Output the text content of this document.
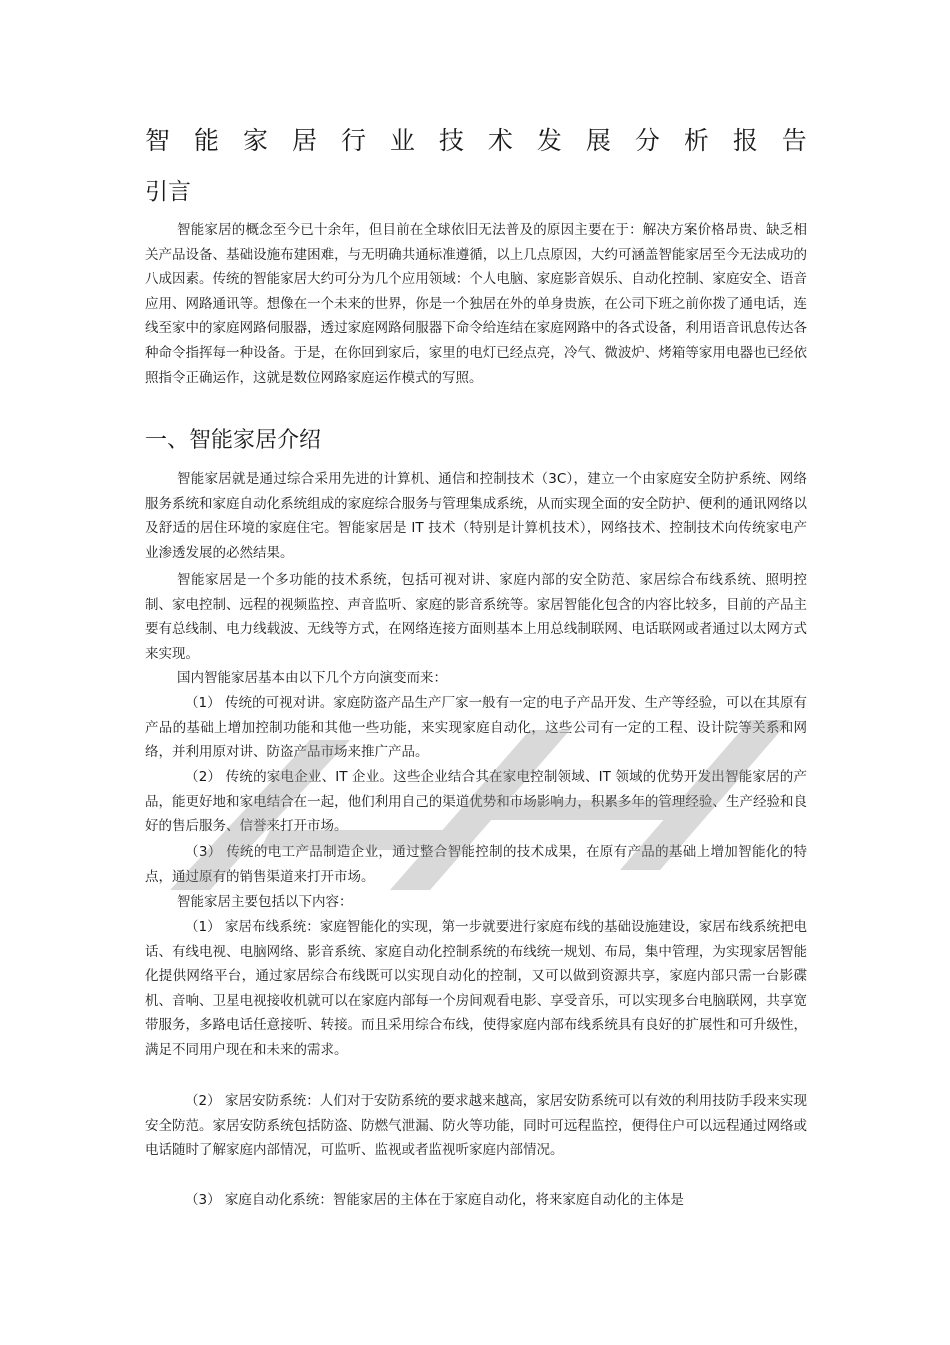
智 能 家 居 行 业 技 术 发 展 分 析 报 告
引言
智能家居的概念至今已十余年，但目前在全球依旧无法普及的原因主要在于：解决方案价格昂贵、缺乏相关产品设备、基础设施布建困难，与无明确共通标准遵循，以上几点原因，大约可涵盖智能家居至今无法成功的八成因素。传统的智能家居大约可分为几个应用领域：个人电脑、家庭影音娱乐、自动化控制、家庭安全、语音应用、网路通讯等。想像在一个未来的世界，你是一个独居在外的单身贵族，在公司下班之前你拨了通电话，连线至家中的家庭网路伺服器，透过家庭网路伺服器下命令给连结在家庭网路中的各式设备，利用语音讯息传达各种命令指挥每一种设备。于是，在你回到家后，家里的电灯已经点亮，冷气、微波炉、烤箱等家用电器也已经依照指令正确运作，这就是数位网路家庭运作模式的写照。
一、智能家居介绍
智能家居就是通过综合采用先进的计算机、通信和控制技术（3C），建立一个由家庭安全防护系统、网络服务系统和家庭自动化系统组成的家庭综合服务与管理集成系统，从而实现全面的安全防护、便利的通讯网络以及舒适的居住环境的家庭住宅。智能家居是 IT 技术（特别是计算机技术），网络技术、控制技术向传统家电产业渗透发展的必然结果。
智能家居是一个多功能的技术系统，包括可视对讲、家庭内部的安全防范、家居综合布线系统、照明控制、家电控制、远程的视频监控、声音监听、家庭的影音系统等。家居智能化包含的内容比较多，目前的产品主要有总线制、电力线载波、无线等方式，在网络连接方面则基本上用总线制联网、电话联网或者通过以太网方式来实现。
国内智能家居基本由以下几个方向演变而来：
（1） 传统的可视对讲。家庭防盗产品生产厂家一般有一定的电子产品开发、生产等经验，可以在其原有产品的基础上增加控制功能和其他一些功能，来实现家庭自动化，这些公司有一定的工程、设计院等关系和网络，并利用原对讲、防盗产品市场来推广产品。
（2） 传统的家电企业、IT 企业。这些企业结合其在家电控制领域、IT 领域的优势开发出智能家居的产品，能更好地和家电结合在一起，他们利用自己的渠道优势和市场影响力，积累多年的管理经验、生产经验和良好的售后服务、信誉来打开市场。
（3） 传统的电工产品制造企业，通过整合智能控制的技术成果，在原有产品的基础上增加智能化的特点，通过原有的销售渠道来打开市场。
智能家居主要包括以下内容：
（1） 家居布线系统：家庭智能化的实现，第一步就要进行家庭布线的基础设施建设，家居布线系统把电话、有线电视、电脑网络、影音系统、家庭自动化控制系统的布线统一规划、布局，集中管理，为实现家居智能化提供网络平台，通过家居综合布线既可以实现自动化的控制，又可以做到资源共享，家庭内部只需一台影碟机、音响、卫星电视接收机就可以在家庭内部每一个房间观看电影、享受音乐，可以实现多台电脑联网，共享宽带服务，多路电话任意接听、转接。而且采用综合布线，使得家庭内部布线系统具有良好的扩展性和可升级性，满足不同用户现在和未来的需求。
（2） 家居安防系统：人们对于安防系统的要求越来越高，家居安防系统可以有效的利用技防手段来实现安全防范。家居安防系统包括防盗、防燃气泄漏、防火等功能，同时可远程监控，便得住户可以远程通过网络或电话随时了解家庭内部情况，可监听、监视或者监视听家庭内部情况。
（3） 家庭自动化系统：智能家居的主体在于家庭自动化，将来家庭自动化的主体是
